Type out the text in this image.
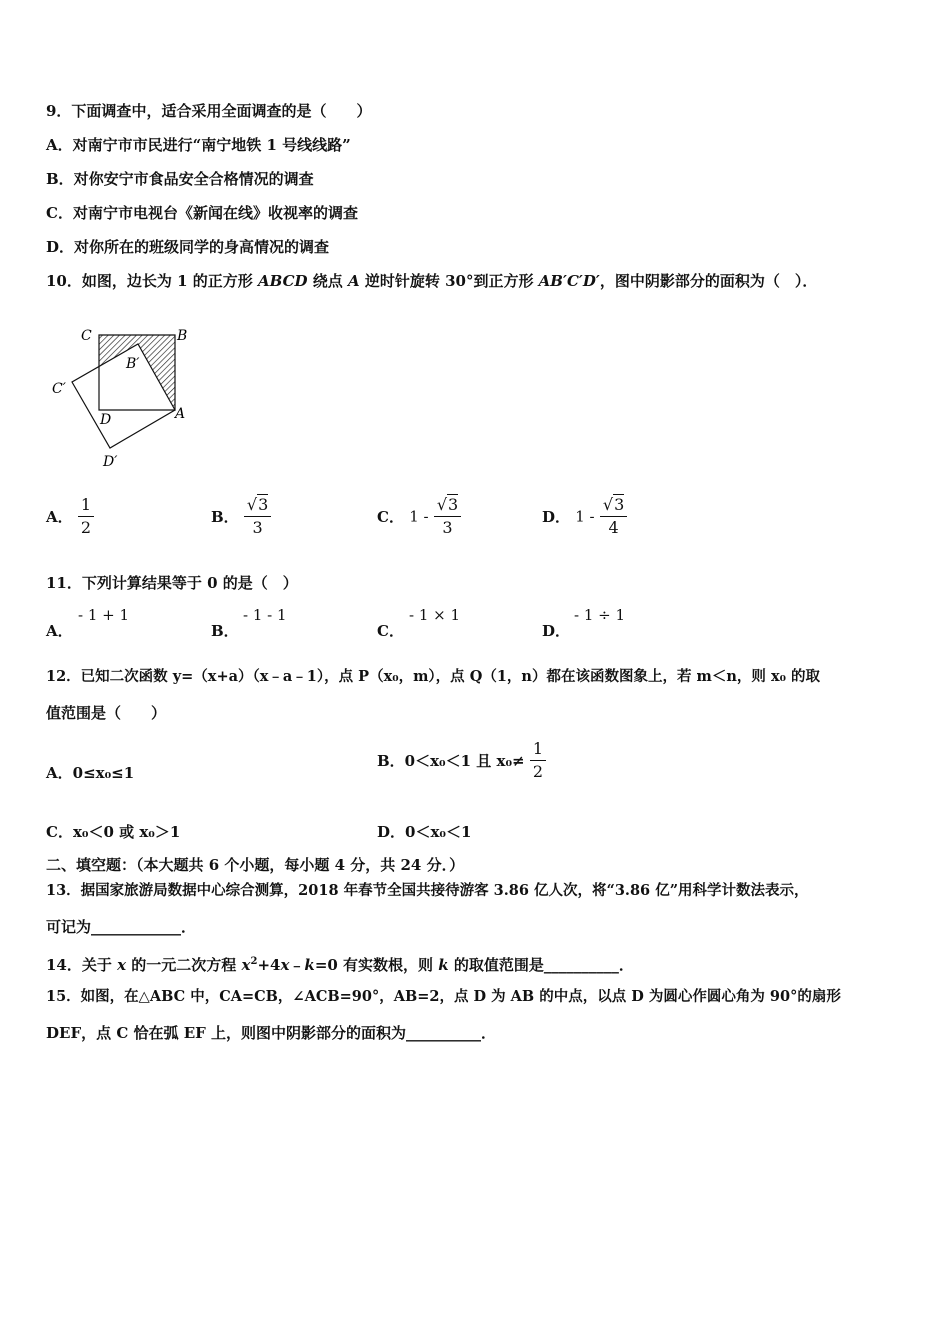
9．下面调查中，适合采用全面调查的是（　　）
A．对南宁市市民进行“南宁地铁 1 号线线路”
B．对你安宁市食品安全合格情况的调查
C．对南宁市电视台《新闻在线》收视率的调查
D．对你所在的班级同学的身高情况的调查
10．如图，边长为 1 的正方形 ABCD 绕点 A 逆时针旋转 30°到正方形 AB′C′D′，图中阴影部分的面积为（　）．
C	B
B′
C′
D	A
D′
A． $\frac{1}{2}$	B． $\frac{√3}{3}$	C． $1 - \frac{√3}{3}$	D． $1 - \frac{√3}{4}$
11．下列计算结果等于 0 的是（　）
A．
- 1 + 1
B．
- 1 - 1
C．
- 1 × 1
D．
- 1 ÷ 1
12．已知二次函数 y=（x+a）（x﹣a﹣1），点 P（x₀，m），点 Q（1，n）都在该函数图象上，若 m＜n，则 x₀ 的取
值范围是（　　）
A．0≤x₀≤1
B．0＜x₀＜1 且 $x_0\ne \frac{1}{2}$
C．x₀＜0 或 x₀＞1	D．0＜x₀＜1
二、填空题：（本大题共 6 个小题，每小题 4 分，共 24 分．）
13．据国家旅游局数据中心综合测算，2018 年春节全国共接待游客 3.86 亿人次，将“3.86 亿”用科学计数法表示，
可记为____________．
14．关于 x 的一元二次方程 $x^2+4x﹣k=0$ 有实数根，则 k 的取值范围是__________．
15．如图，在△ABC 中，CA=CB，∠ACB=90°，AB=2，点 D 为 AB 的中点，以点 D 为圆心作圆心角为 90°的扇形
DEF，点 C 恰在弧 EF 上，则图中阴影部分的面积为__________．
